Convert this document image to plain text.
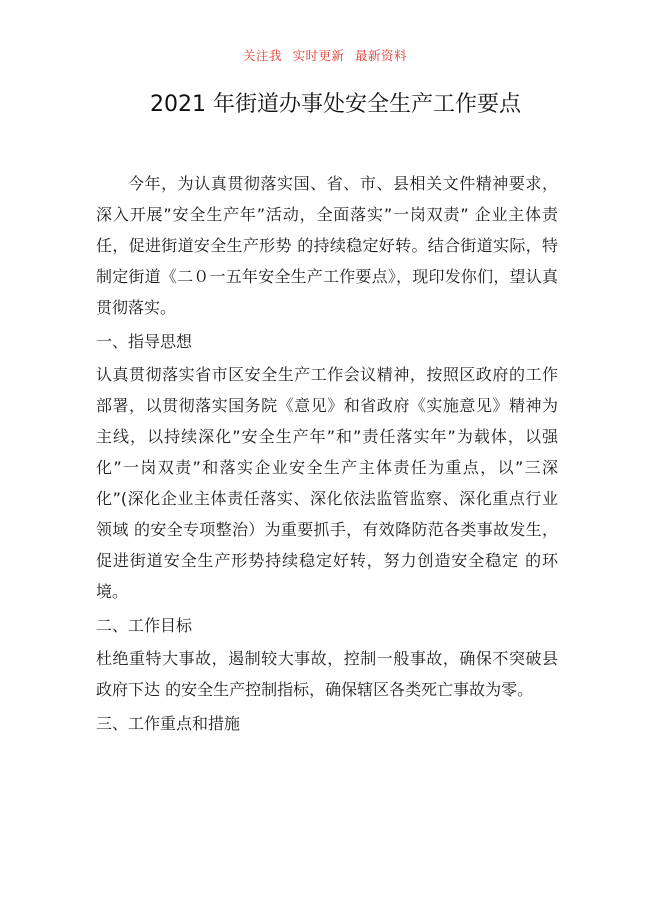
关注我 实时更新 最新资料
2021 年街道办事处安全生产工作要点

今年，为认真贯彻落实国、省、市、县相关文件精神要求，深入开展”安全生产年”活动，全面落实”一岗双责” 企业主体责任，促进街道安全生产形势 的持续稳定好转。结合街道实际，特制定街道《二０一五年安全生产工作要点》，现印发你们，望认真贯彻落实。

一、指导思想

认真贯彻落实省市区安全生产工作会议精神，按照区政府的工作部署，以贯彻落实国务院《意见》和省政府《实施意见》精神为主线，以持续深化”安全生产年”和”责任落实年”为载体，以强化”一岗双责”和落实企业安全生产主体责任为重点，以”三深化”(深化企业主体责任落实、深化依法监管监察、深化重点行业领域 的安全专项整治）为重要抓手，有效降防范各类事故发生，促进街道安全生产形势持续稳定好转，努力创造安全稳定 的环境。

二、工作目标

杜绝重特大事故，遏制较大事故，控制一般事故，确保不突破县政府下达 的安全生产控制指标，确保辖区各类死亡事故为零。

三、工作重点和措施
